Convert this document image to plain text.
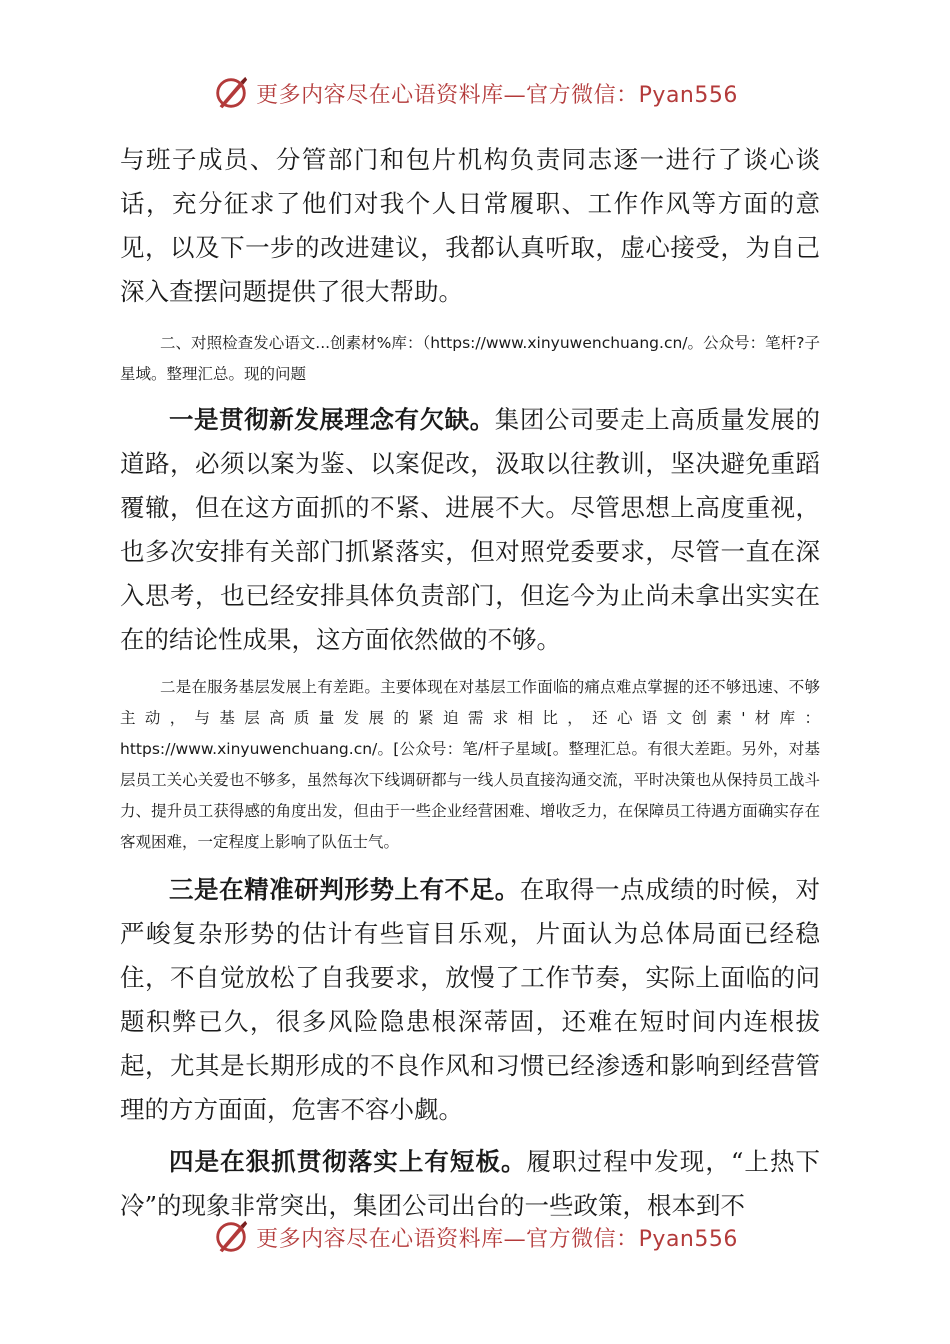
更多内容尽在心语资料库—官方微信：Pyan556

与班子成员、分管部门和包片机构负责同志逐一进行了谈心谈话，充分征求了他们对我个人日常履职、工作作风等方面的意见，以及下一步的改进建议，我都认真听取，虚心接受，为自己深入查摆问题提供了很大帮助。

二、对照检查发心语文...创素材%库：（https://www.xinyuwenchuang.cn/。公众号：笔杆?子星域。整理汇总。现的问题

一是贯彻新发展理念有欠缺。集团公司要走上高质量发展的道路，必须以案为鉴、以案促改，汲取以往教训，坚决避免重蹈覆辙，但在这方面抓的不紧、进展不大。尽管思想上高度重视，也多次安排有关部门抓紧落实，但对照党委要求，尽管一直在深入思考，也已经安排具体负责部门，但迄今为止尚未拿出实实在在的结论性成果，这方面依然做的不够。

二是在服务基层发展上有差距。主要体现在对基层工作面临的痛点难点掌握的还不够迅速、不够主动，与基层高质量发展的紧迫需求相比，还心语文创素'材库：https://www.xinyuwenchuang.cn/。[公众号：笔/杆子星域[。整理汇总。有很大差距。另外，对基层员工关心关爱也不够多，虽然每次下线调研都与一线人员直接沟通交流，平时决策也从保持员工战斗力、提升员工获得感的角度出发，但由于一些企业经营困难、增收乏力，在保障员工待遇方面确实存在客观困难，一定程度上影响了队伍士气。

三是在精准研判形势上有不足。在取得一点成绩的时候，对严峻复杂形势的估计有些盲目乐观，片面认为总体局面已经稳住，不自觉放松了自我要求，放慢了工作节奏，实际上面临的问题积弊已久，很多风险隐患根深蒂固，还难在短时间内连根拔起，尤其是长期形成的不良作风和习惯已经渗透和影响到经营管理的方方面面，危害不容小觑。

四是在狠抓贯彻落实上有短板。履职过程中发现，“上热下冷”的现象非常突出，集团公司出台的一些政策，根本到不

更多内容尽在心语资料库—官方微信：Pyan556
